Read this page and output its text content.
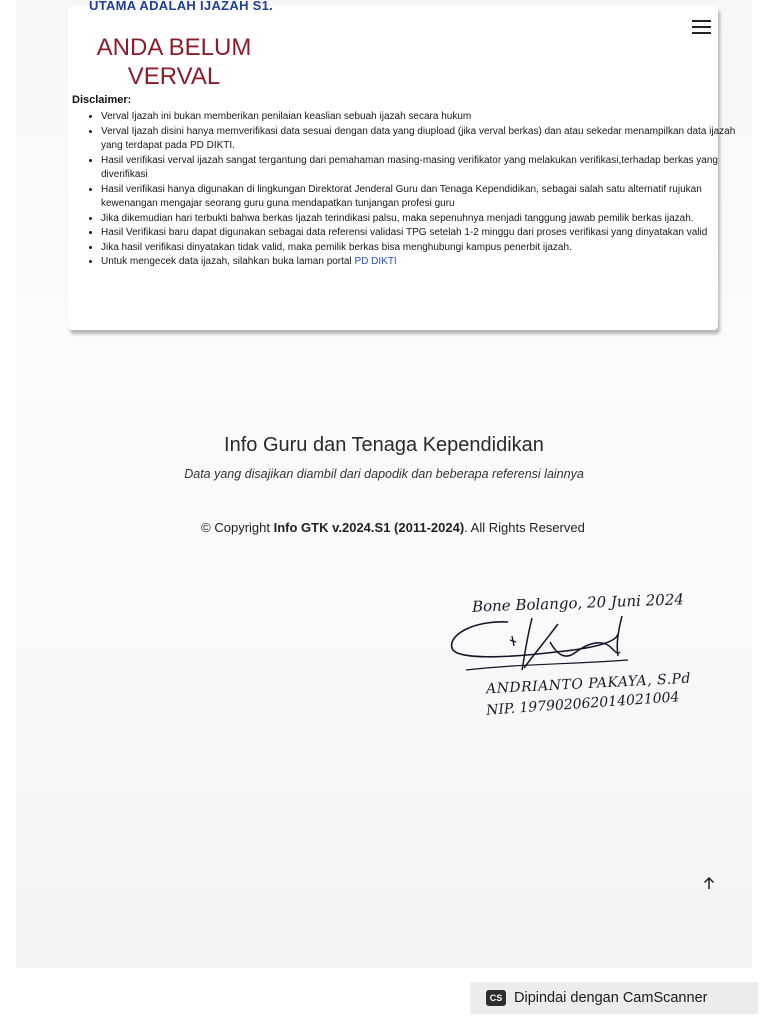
UTAMA ADALAH IJAZAH S1.
ANDA BELUM
VERVAL
Disclaimer:
• Verval Ijazah ini bukan memberikan penilaian keaslian sebuah ijazah secara hukum
• Verval Ijazah disini hanya memverifikasi data sesuai dengan data yang diupload (jika verval berkas) dan atau sekedar menampilkan data ijazah yang terdapat pada PD DIKTI.
• Hasil verifikasi verval ijazah sangat tergantung dari pemahaman masing-masing verifikator yang melakukan verifikasi,terhadap berkas yang diverifikasi
• Hasil verifikasi hanya digunakan di lingkungan Direktorat Jenderal Guru dan Tenaga Kependidikan, sebagai salah satu alternatif rujukan kewenangan mengajar seorang guru guna mendapatkan tunjangan profesi guru
• Jika dikemudian hari terbukti bahwa berkas Ijazah terindikasi palsu, maka sepenuhnya menjadi tanggung jawab pemilik berkas ijazah.
• Hasil Verifikasi baru dapat digunakan sebagai data referensi validasi TPG setelah 1-2 minggu dari proses verifikasi yang dinyatakan valid
• Jika hasil verifikasi dinyatakan tidak valid, maka pemilik berkas bisa menghubungi kampus penerbit ijazah.
• Untuk mengecek data ijazah, silahkan buka laman portal PD DIKTI
Info Guru dan Tenaga Kependidikan
Data yang disajikan diambil dari dapodik dan beberapa referensi lainnya
© Copyright Info GTK v.2024.S1 (2011-2024). All Rights Reserved
Bone Bolango, 20 Juni 2024
ANDRIANTO PAKAYA, S.Pd
NIP. 197902062014021004
CS Dipindai dengan CamScanner
